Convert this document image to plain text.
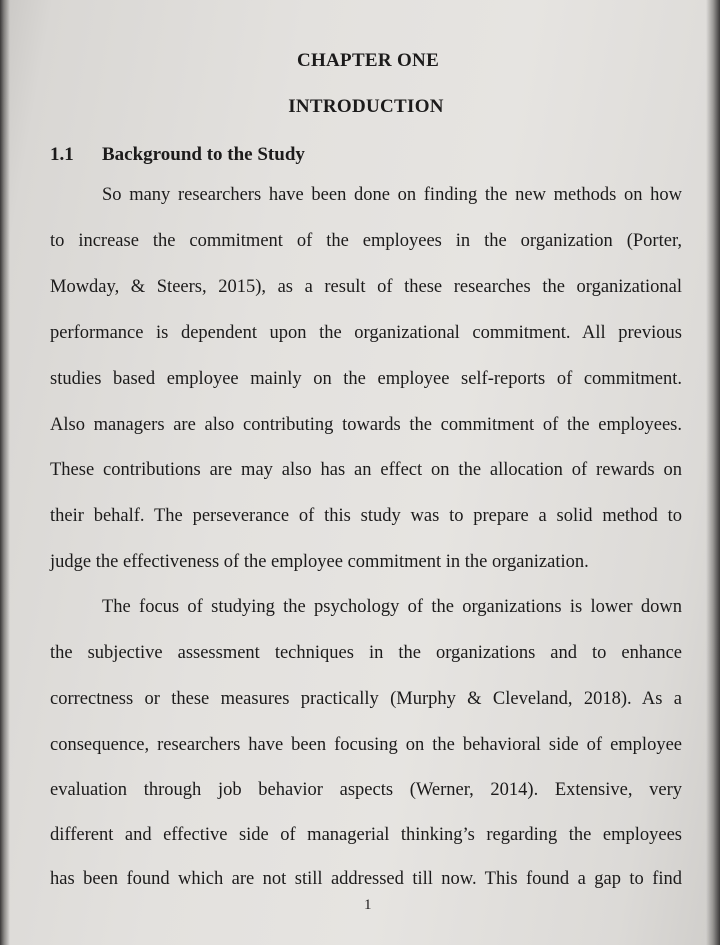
CHAPTER ONE
INTRODUCTION
1.1 Background to the Study
So many researchers have been done on finding the new methods on how
to increase the commitment of the employees in the organization (Porter,
Mowday, & Steers, 2015), as a result of these researches the organizational
performance is dependent upon the organizational commitment. All previous
studies based employee mainly on the employee self-reports of commitment.
Also managers are also contributing towards the commitment of the employees.
These contributions are may also has an effect on the allocation of rewards on
their behalf. The perseverance of this study was to prepare a solid method to
judge the effectiveness of the employee commitment in the organization.
The focus of studying the psychology of the organizations is lower down
the subjective assessment techniques in the organizations and to enhance
correctness or these measures practically (Murphy & Cleveland, 2018). As a
consequence, researchers have been focusing on the behavioral side of employee
evaluation through job behavior aspects (Werner, 2014). Extensive, very
different and effective side of managerial thinking’s regarding the employees
has been found which are not still addressed till now. This found a gap to find
1
